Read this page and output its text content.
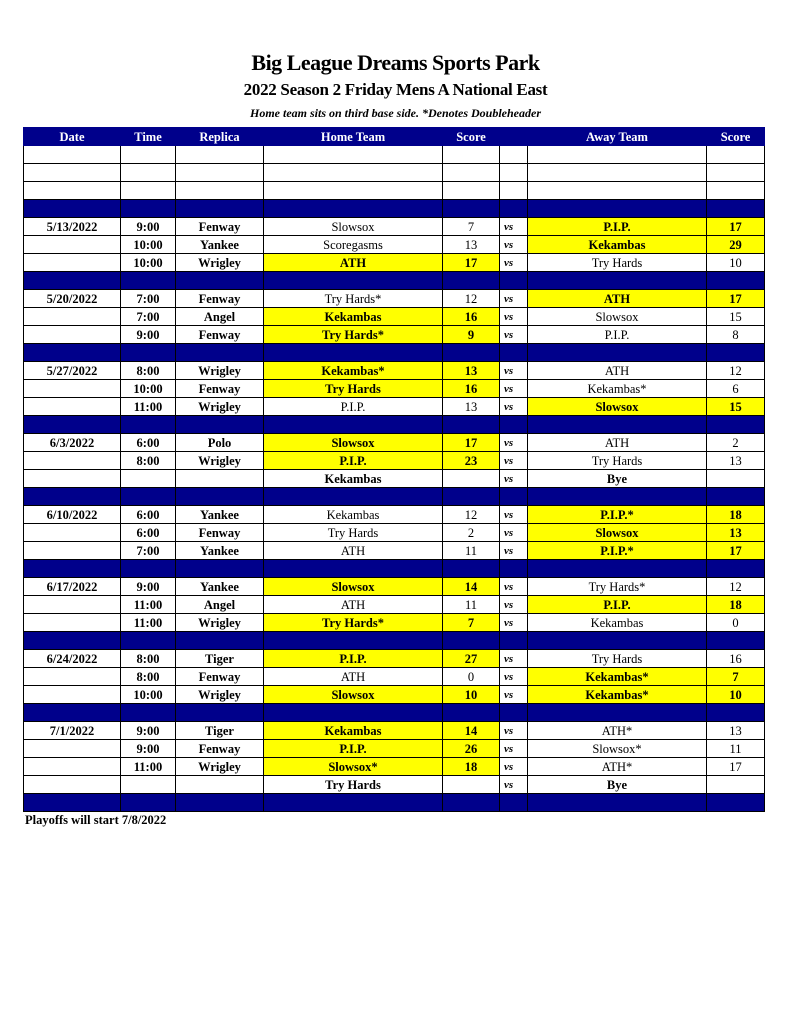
Big League Dreams Sports Park
2022 Season 2 Friday Mens A National East
Home team sits on third base side. *Denotes Doubleheader
Date	Time	Replica	Home Team	Score		Away Team	Score

5/13/2022	9:00	Fenway	Slowsox	7	vs	P.I.P.	17
	10:00	Yankee	Scoregasms	13	vs	Kekambas	29
	10:00	Wrigley	ATH	17	vs	Try Hards	10

5/20/2022	7:00	Fenway	Try Hards*	12	vs	ATH	17
	7:00	Angel	Kekambas	16	vs	Slowsox	15
	9:00	Fenway	Try Hards*	9	vs	P.I.P.	8

5/27/2022	8:00	Wrigley	Kekambas*	13	vs	ATH	12
	10:00	Fenway	Try Hards	16	vs	Kekambas*	6
	11:00	Wrigley	P.I.P.	13	vs	Slowsox	15

6/3/2022	6:00	Polo	Slowsox	17	vs	ATH	2
	8:00	Wrigley	P.I.P.	23	vs	Try Hards	13
			Kekambas		vs	Bye	

6/10/2022	6:00	Yankee	Kekambas	12	vs	P.I.P.*	18
	6:00	Fenway	Try Hards	2	vs	Slowsox	13
	7:00	Yankee	ATH	11	vs	P.I.P.*	17

6/17/2022	9:00	Yankee	Slowsox	14	vs	Try Hards*	12
	11:00	Angel	ATH	11	vs	P.I.P.	18
	11:00	Wrigley	Try Hards*	7	vs	Kekambas	0

6/24/2022	8:00	Tiger	P.I.P.	27	vs	Try Hards	16
	8:00	Fenway	ATH	0	vs	Kekambas*	7
	10:00	Wrigley	Slowsox	10	vs	Kekambas*	10

7/1/2022	9:00	Tiger	Kekambas	14	vs	ATH*	13
	9:00	Fenway	P.I.P.	26	vs	Slowsox*	11
	11:00	Wrigley	Slowsox*	18	vs	ATH*	17
			Try Hards		vs	Bye	

Playoffs will start 7/8/2022
